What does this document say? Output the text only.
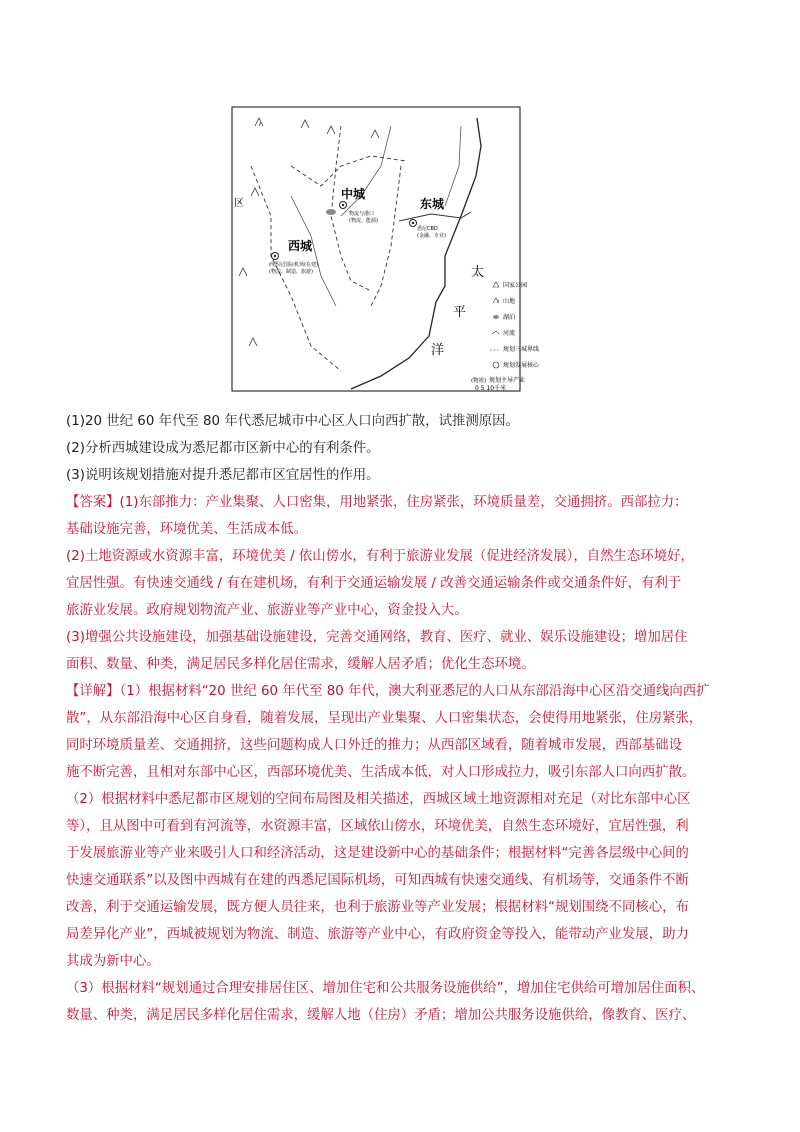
中城
物流与港口
(物流、能源)
东城
悉尼CBD
(金融、专业)
西城
西悉尼国际机场(在建)
(物流、制造、旅游)
区
太
平
洋
国家公园
山地
湖泊
河流
规划三城界线
规划发展核心
(物流) 规划主导产业
0 5 10千米
(1)20 世纪 60 年代至 80 年代悉尼城市中心区人口向西扩散，试推测原因。
(2)分析西城建设成为悉尼都市区新中心的有利条件。
(3)说明该规划措施对提升悉尼都市区宜居性的作用。
【答案】(1)东部推力：产业集聚、人口密集，用地紧张，住房紧张，环境质量差，交通拥挤。西部拉力：
基础设施完善，环境优美、生活成本低。
(2)土地资源或水资源丰富，环境优美 / 依山傍水，有利于旅游业发展（促进经济发展），自然生态环境好，
宜居性强。有快速交通线 / 有在建机场，有利于交通运输发展 / 改善交通运输条件或交通条件好，有利于
旅游业发展。政府规划物流产业、旅游业等产业中心，资金投入大。
(3)增强公共设施建设，加强基础设施建设，完善交通网络，教育、医疗、就业、娱乐设施建设；增加居住
面积、数量、种类，满足居民多样化居住需求，缓解人居矛盾；优化生态环境。
【详解】（1）根据材料“20 世纪 60 年代至 80 年代，澳大利亚悉尼的人口从东部沿海中心区沿交通线向西扩
散”，从东部沿海中心区自身看，随着发展，呈现出产业集聚、人口密集状态，会使得用地紧张，住房紧张，
同时环境质量差、交通拥挤，这些问题构成人口外迁的推力；从西部区域看，随着城市发展，西部基础设
施不断完善，且相对东部中心区，西部环境优美、生活成本低，对人口形成拉力，吸引东部人口向西扩散。
（2）根据材料中悉尼都市区规划的空间布局图及相关描述，西城区域土地资源相对充足（对比东部中心区
等），且从图中可看到有河流等，水资源丰富，区域依山傍水，环境优美，自然生态环境好，宜居性强，利
于发展旅游业等产业来吸引人口和经济活动，这是建设新中心的基础条件；根据材料“完善各层级中心间的
快速交通联系”以及图中西城有在建的西悉尼国际机场，可知西城有快速交通线、有机场等，交通条件不断
改善，利于交通运输发展，既方便人员往来，也利于旅游业等产业发展；根据材料“规划围绕不同核心，布
局差异化产业”，西城被规划为物流、制造、旅游等产业中心，有政府资金等投入，能带动产业发展，助力
其成为新中心。
（3）根据材料“规划通过合理安排居住区、增加住宅和公共服务设施供给”，增加住宅供给可增加居住面积、
数量、种类，满足居民多样化居住需求，缓解人地（住房）矛盾；增加公共服务设施供给，像教育、医疗、
